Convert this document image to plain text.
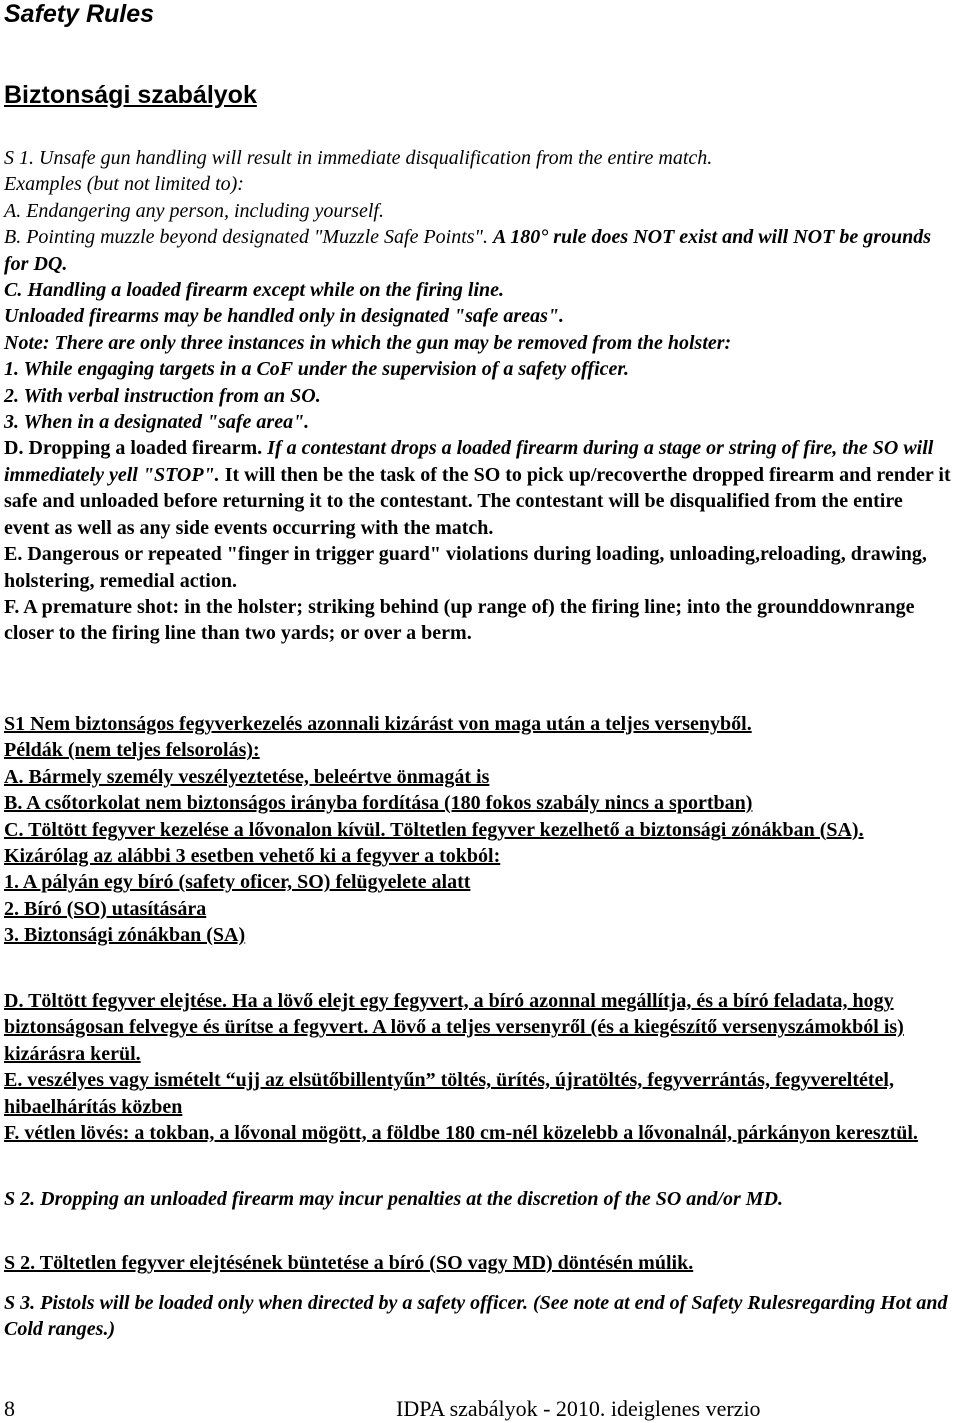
Safety Rules
Biztonsági szabályok

S 1. Unsafe gun handling will result in immediate disqualification from the entire match.

Examples (but not limited to):

A. Endangering any person, including yourself.

B. Pointing muzzle beyond designated "Muzzle Safe Points". A 180° rule does NOT exist and will NOT be grounds for DQ.

C. Handling a loaded firearm except while on the firing line.

Unloaded firearms may be handled only in designated "safe areas".

Note: There are only three instances in which the gun may be removed from the holster:

1. While engaging targets in a CoF under the supervision of a safety officer.

2. With verbal instruction from an SO.

3. When in a designated "safe area".

D. Dropping a loaded firearm. If a contestant drops a loaded firearm during a stage or string of fire, the SO will immediately yell "STOP". It will then be the task of the SO to pick up/recoverthe dropped firearm and render it safe and unloaded before returning it to the contestant. The contestant will be disqualified from the entire event as well as any side events occurring with the match.

E. Dangerous or repeated "finger in trigger guard" violations during loading, unloading,reloading, drawing, holstering, remedial action.

F. A premature shot: in the holster; striking behind (up range of) the firing line; into the grounddownrange closer to the firing line than two yards; or over a berm.

S1 Nem biztonságos fegyverkezelés azonnali kizárást von maga után a teljes versenyből.

Példák (nem teljes felsorolás):

A. Bármely személy veszélyeztetése, beleértve önmagát is

B. A csőtorkolat nem biztonságos irányba fordítása (180 fokos szabály nincs a sportban)

C. Töltött fegyver kezelése a lővonalon kívül. Töltetlen fegyver kezelhető a biztonsági zónákban (SA). Kizárólag az alábbi 3 esetben vehető ki a fegyver a tokból:

1. A pályán egy bíró (safety oficer, SO) felügyelete alatt

2. Bíró (SO) utasítására

3. Biztonsági zónákban (SA)

D. Töltött fegyver elejtése. Ha a lövő elejt egy fegyvert, a bíró azonnal megállítja, és a bíró feladata, hogy biztonságosan felvegye és ürítse a fegyvert. A lövő a teljes versenyről (és a kiegészítő versenyszámokból is) kizárásra kerül.

E. veszélyes vagy ismételt “ujj az elsütőbillentyűn” töltés, ürítés, újratöltés, fegyverrántás, fegyvereltétel, hibaelhárítás közben

F. vétlen lövés: a tokban, a lővonal mögött, a földbe 180 cm-nél közelebb a lővonalnál, párkányon keresztül.

S 2. Dropping an unloaded firearm may incur penalties at the discretion of the SO and/or MD.

S 2. Töltetlen fegyver elejtésének büntetése a bíró (SO vagy MD) döntésén múlik.

S 3. Pistols will be loaded only when directed by a safety officer. (See note at end of Safety Rulesregarding Hot and Cold ranges.)

8	IDPA szabályok - 2010. ideiglenes verzio
